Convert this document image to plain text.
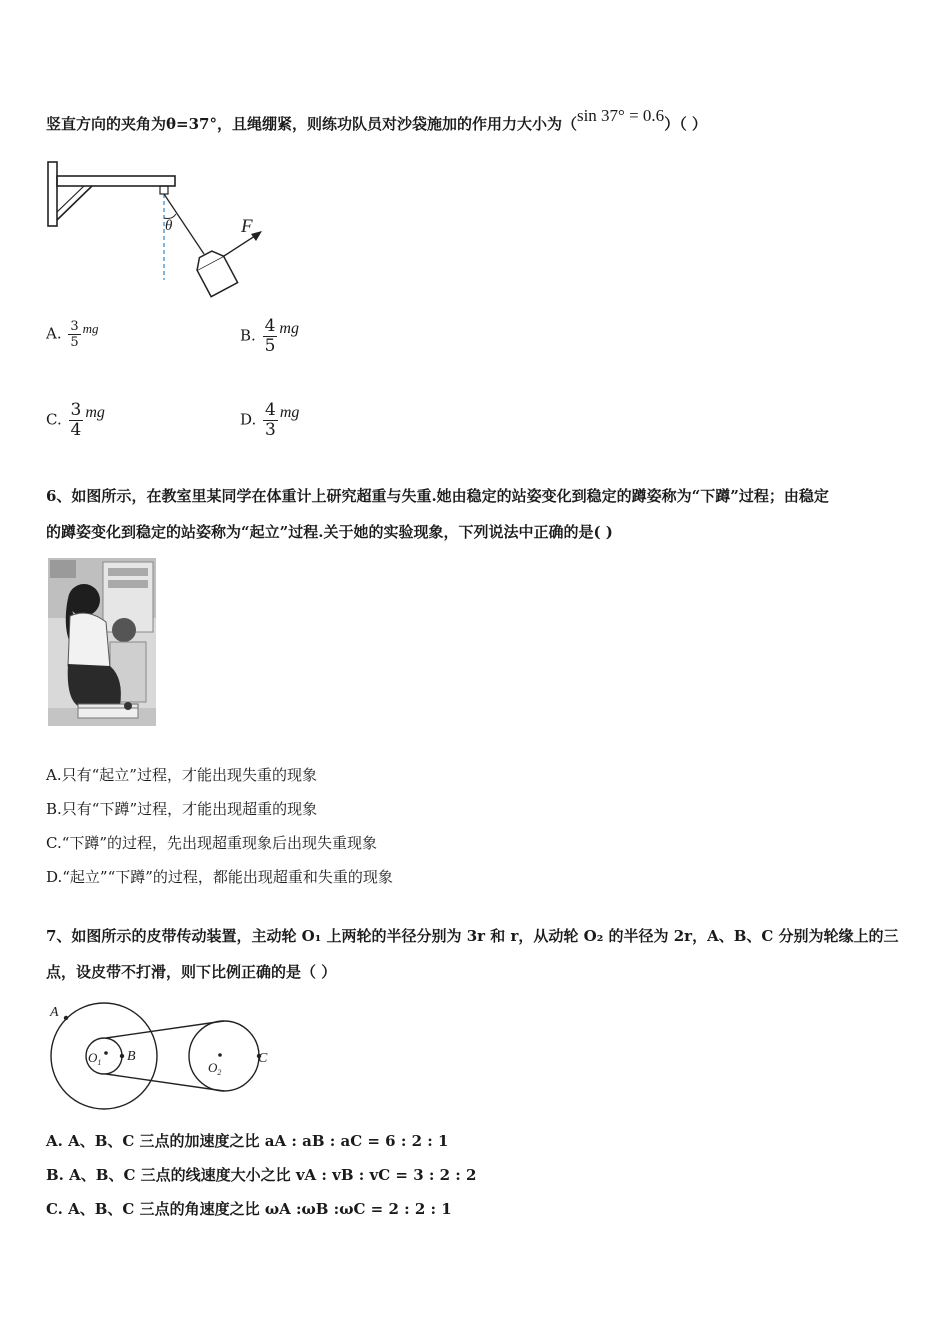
竖直方向的夹角为θ=37°，且绳绷紧，则练功队员对沙袋施加的作用力大小为（sin 37° = 0.6）（ ）
θ	F
A. $\frac{3}{5}$ mg	B. $\frac{4}{5}$ mg
C. $\frac{3}{4}$ mg	D. $\frac{4}{3}$ mg
6、如图所示，在教室里某同学在体重计上研究超重与失重.她由稳定的站姿变化到稳定的蹲姿称为“下蹲”过程；由稳定
的蹲姿变化到稳定的站姿称为“起立”过程.关于她的实验现象，下列说法中正确的是( )
A.只有“起立”过程，才能出现失重的现象
B.只有“下蹲”过程，才能出现超重的现象
C.“下蹲”的过程，先出现超重现象后出现失重现象
D.“起立”“下蹲”的过程，都能出现超重和失重的现象
7、如图所示的皮带传动装置，主动轮 O₁ 上两轮的半径分别为 3r 和 r，从动轮 O₂ 的半径为 2r，A、B、C 分别为轮缘上的三
点，设皮带不打滑，则下比例正确的是（ ）
A
B	C
$O_1$	$O_2$
A. A、B、C 三点的加速度之比 aA : aB : aC = 6 : 2 : 1
B. A、B、C 三点的线速度大小之比 vA : vB : vC = 3 : 2 : 2
C. A、B、C 三点的角速度之比 ωA :ωB :ωC = 2 : 2 : 1
